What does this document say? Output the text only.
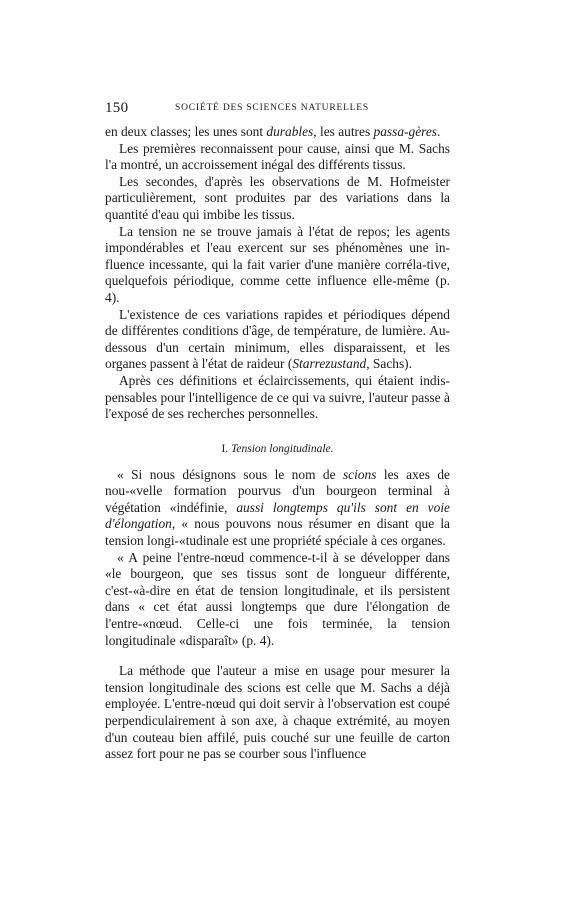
150	SOCIÉTÉ DES SCIENCES NATURELLES

en deux classes; les unes sont durables, les autres passa-gères.

Les premières reconnaissent pour cause, ainsi que M. Sachs l'a montré, un accroissement inégal des différents tissus.

Les secondes, d'après les observations de M. Hofmeister particulièrement, sont produites par des variations dans la quantité d'eau qui imbibe les tissus.

La tension ne se trouve jamais à l'état de repos; les agents impondérables et l'eau exercent sur ses phénomènes une in-fluence incessante, qui la fait varier d'une manière corréla-tive, quelquefois périodique, comme cette influence elle-même (p. 4).

L'existence de ces variations rapides et périodiques dépend de différentes conditions d'âge, de température, de lumière. Au-dessous d'un certain minimum, elles disparaissent, et les organes passent à l'état de raideur (Starrezustand, Sachs).

Après ces définitions et éclaircissements, qui étaient indis-pensables pour l'intelligence de ce qui va suivre, l'auteur passe à l'exposé de ses recherches personnelles.

I. Tension longitudinale.

« Si nous désignons sous le nom de scions les axes de nou-«velle formation pourvus d'un bourgeon terminal à végétation «indéfinie, aussi longtemps qu'ils sont en voie d'élongation, « nous pouvons nous résumer en disant que la tension longi-«tudinale est une propriété spéciale à ces organes.

« A peine l'entre-nœud commence-t-il à se développer dans «le bourgeon, que ses tissus sont de longueur différente, c'est-«à-dire en état de tension longitudinale, et ils persistent dans « cet état aussi longtemps que dure l'élongation de l'entre-«nœud. Celle-ci une fois terminée, la tension longitudinale «disparaît» (p. 4).

La méthode que l'auteur a mise en usage pour mesurer la tension longitudinale des scions est celle que M. Sachs a déjà employée. L'entre-nœud qui doit servir à l'observation est coupé perpendiculairement à son axe, à chaque extrémité, au moyen d'un couteau bien affilé, puis couché sur une feuille de carton assez fort pour ne pas se courber sous l'influence
